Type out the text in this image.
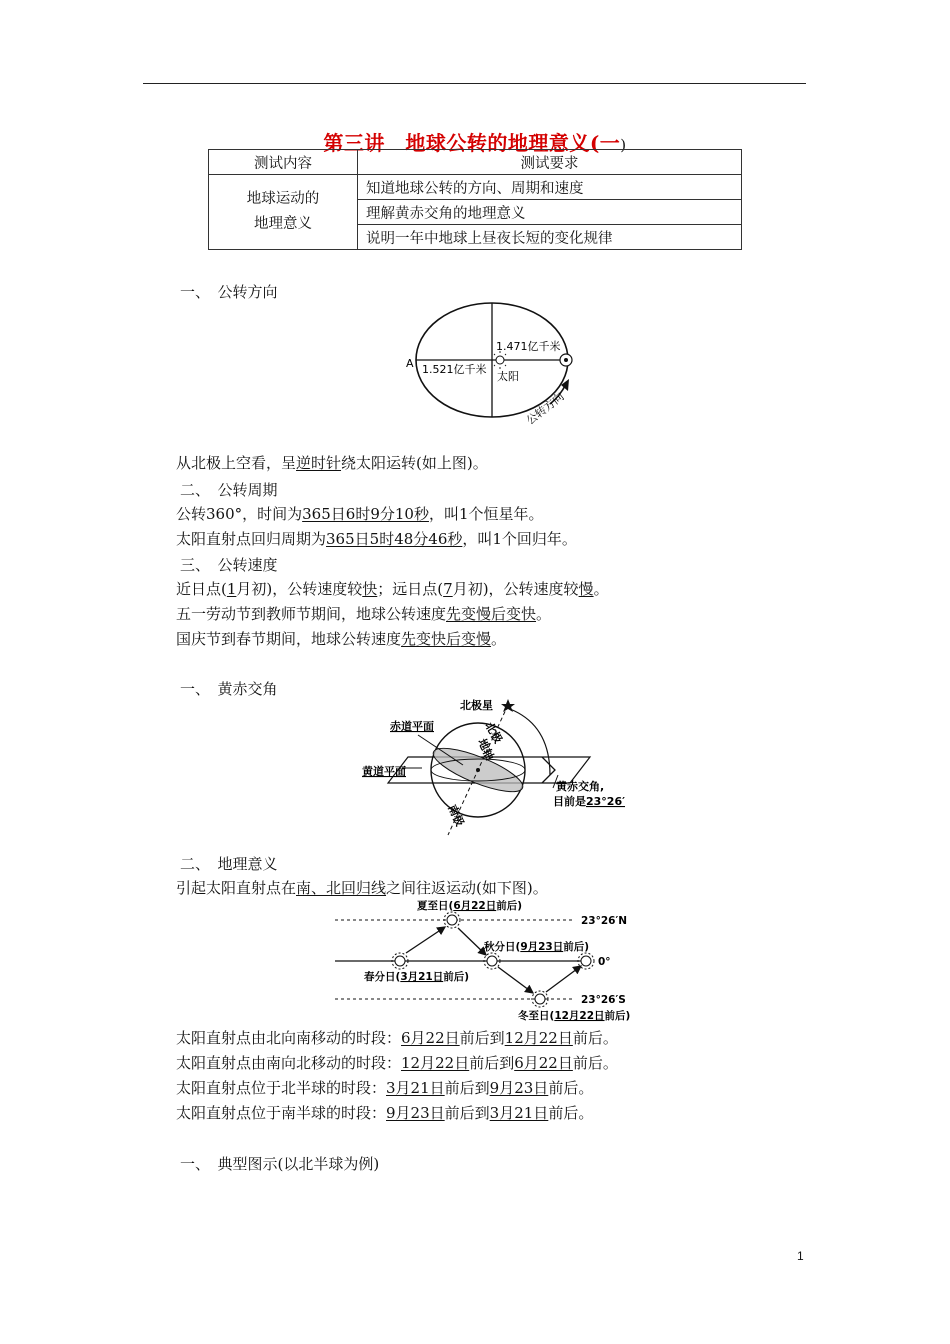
第三讲　地球公转的地理意义(一)
测试内容	测试要求
地球运动的
地理意义	知道地球公转的方向、周期和速度
	理解黄赤交角的地理意义
	说明一年中地球上昼夜长短的变化规律
一、　公转方向
A 1.521亿千米
1.471亿千米
太阳
公转方向
从北极上空看，呈逆时针绕太阳运转(如上图)。
二、　公转周期
公转360°，时间为365日6时9分10秒，叫1个恒星年。
太阳直射点回归周期为365日5时48分46秒，叫1个回归年。
三、　公转速度
近日点(1月初)，公转速度较快；远日点(7月初)，公转速度较慢。
五一劳动节到教师节期间，地球公转速度先变慢后变快。
国庆节到春节期间，地球公转速度先变快后变慢。
一、　黄赤交角
北极星
赤道平面
黄道平面
北极
地轴
南极
黄赤交角,
目前是23°26′
二、　地理意义
引起太阳直射点在南、北回归线之间往返运动(如下图)。
夏至日(6月22日前后)
秋分日(9月23日前后)
春分日(3月21日前后)
冬至日(12月22日前后)
23°26′N
0°
23°26′S
太阳直射点由北向南移动的时段：6月22日前后到12月22日前后。
太阳直射点由南向北移动的时段：12月22日前后到6月22日前后。
太阳直射点位于北半球的时段：3月21日前后到9月23日前后。
太阳直射点位于南半球的时段：9月23日前后到3月21日前后。
一、　典型图示(以北半球为例)
1
